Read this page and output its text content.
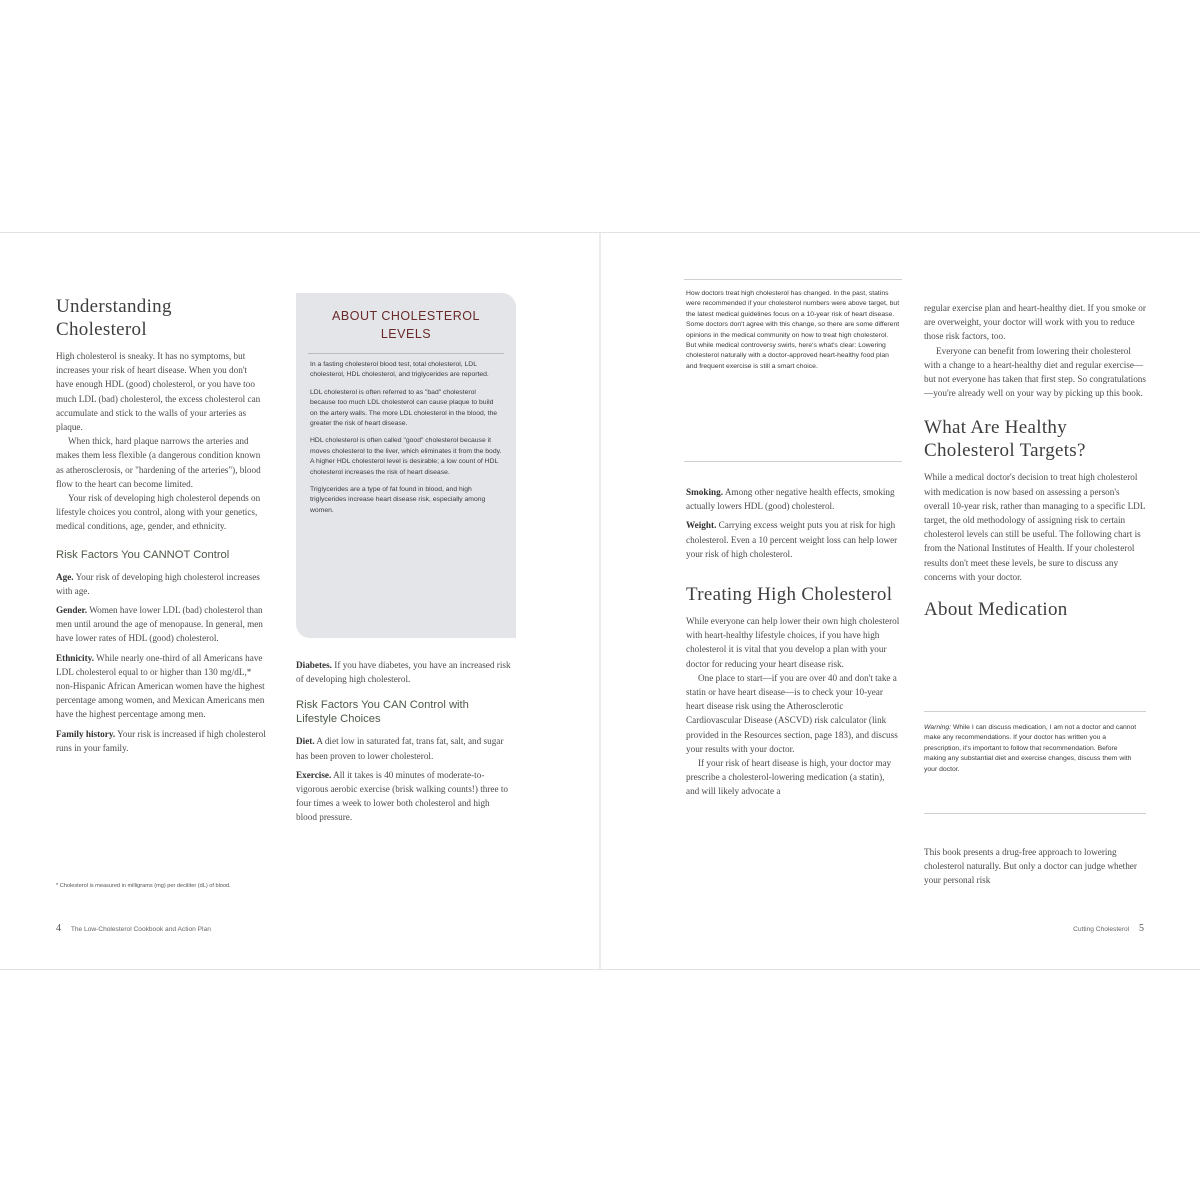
Understanding Cholesterol

High cholesterol is sneaky. It has no symptoms, but increases your risk of heart disease. When you don't have enough HDL (good) cholesterol, or you have too much LDL (bad) cholesterol, the excess cholesterol can accumulate and stick to the walls of your arteries as plaque.

When thick, hard plaque narrows the arteries and makes them less flexible (a dangerous condition known as atherosclerosis, or "hardening of the arteries"), blood flow to the heart can become limited.

Your risk of developing high cholesterol depends on lifestyle choices you control, along with your genetics, medical conditions, age, gender, and ethnicity.

Risk Factors You CANNOT Control

Age. Your risk of developing high cholesterol increases with age.

Gender. Women have lower LDL (bad) cholesterol than men until around the age of menopause. In general, men have lower rates of HDL (good) cholesterol.

Ethnicity. While nearly one-third of all Americans have LDL cholesterol equal to or higher than 130 mg/dL,* non-Hispanic African American women have the highest percentage among women, and Mexican Americans men have the highest percentage among men.

Family history. Your risk is increased if high cholesterol runs in your family.

ABOUT CHOLESTEROL LEVELS

In a fasting cholesterol blood test, total cholesterol, LDL cholesterol, HDL cholesterol, and triglycerides are reported.

LDL cholesterol is often referred to as "bad" cholesterol because too much LDL cholesterol can cause plaque to build on the artery walls. The more LDL cholesterol in the blood, the greater the risk of heart disease.

HDL cholesterol is often called "good" cholesterol because it moves cholesterol to the liver, which eliminates it from the body. A higher HDL cholesterol level is desirable; a low count of HDL cholesterol increases the risk of heart disease.

Triglycerides are a type of fat found in blood, and high triglycerides increase heart disease risk, especially among women.

Diabetes. If you have diabetes, you have an increased risk of developing high cholesterol.

Risk Factors You CAN Control with Lifestyle Choices

Diet. A diet low in saturated fat, trans fat, salt, and sugar has been proven to lower cholesterol.

Exercise. All it takes is 40 minutes of moderate-to-vigorous aerobic exercise (brisk walking counts!) three to four times a week to lower both cholesterol and high blood pressure.

* Cholesterol is measured in milligrams (mg) per deciliter (dL) of blood.
4 The Low-Cholesterol Cookbook and Action Plan
How doctors treat high cholesterol has changed. In the past, statins were recommended if your cholesterol numbers were above target, but the latest medical guidelines focus on a 10-year risk of heart disease. Some doctors don't agree with this change, so there are some different opinions in the medical community on how to treat high cholesterol. But while medical controversy swirls, here's what's clear: Lowering cholesterol naturally with a doctor-approved heart-healthy food plan and frequent exercise is still a smart choice.

Smoking. Among other negative health effects, smoking actually lowers HDL (good) cholesterol.

Weight. Carrying excess weight puts you at risk for high cholesterol. Even a 10 percent weight loss can help lower your risk of high cholesterol.

Treating High Cholesterol

While everyone can help lower their own high cholesterol with heart-healthy lifestyle choices, if you have high cholesterol it is vital that you develop a plan with your doctor for reducing your heart disease risk.

One place to start—if you are over 40 and don't take a statin or have heart disease—is to check your 10-year heart disease risk using the Atherosclerotic Cardiovascular Disease (ASCVD) risk calculator (link provided in the Resources section, page 183), and discuss your results with your doctor.

If your risk of heart disease is high, your doctor may prescribe a cholesterol-lowering medication (a statin), and will likely advocate a

regular exercise plan and heart-healthy diet. If you smoke or are overweight, your doctor will work with you to reduce those risk factors, too.

Everyone can benefit from lowering their cholesterol with a change to a heart-healthy diet and regular exercise—but not everyone has taken that first step. So congratulations—you're already well on your way by picking up this book.

What Are Healthy Cholesterol Targets?

While a medical doctor's decision to treat high cholesterol with medication is now based on assessing a person's overall 10-year risk, rather than managing to a specific LDL target, the old methodology of assigning risk to certain cholesterol levels can still be useful. The following chart is from the National Institutes of Health. If your cholesterol results don't meet these levels, be sure to discuss any concerns with your doctor.

About Medication
Warning: While I can discuss medication, I am not a doctor and cannot make any recommendations. If your doctor has written you a prescription, it's important to follow that recommendation. Before making any substantial diet and exercise changes, discuss them with your doctor.
This book presents a drug-free approach to lowering cholesterol naturally. But only a doctor can judge whether your personal risk
Cutting Cholesterol 5
